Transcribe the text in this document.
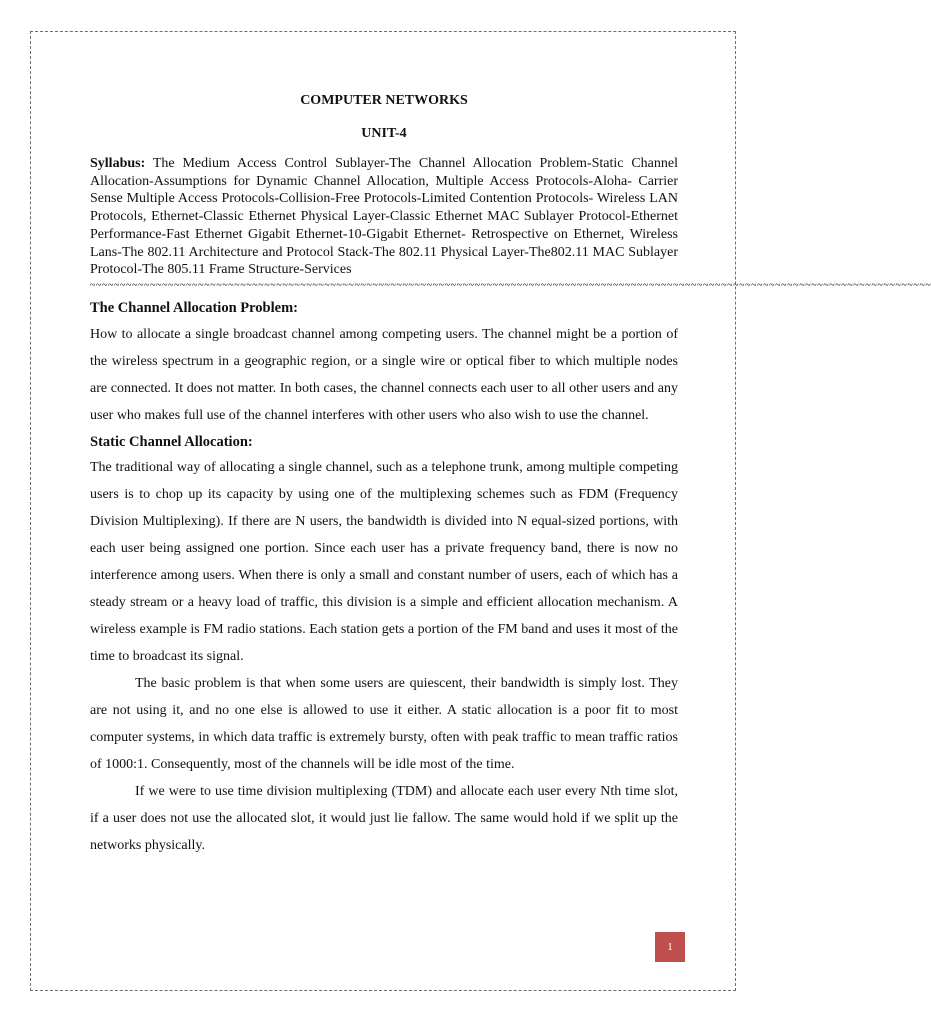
COMPUTER NETWORKS
UNIT-4
Syllabus: The Medium Access Control Sublayer-The Channel Allocation Problem-Static Channel Allocation-Assumptions for Dynamic Channel Allocation, Multiple Access Protocols-Aloha- Carrier Sense Multiple Access Protocols-Collision-Free Protocols-Limited Contention Protocols- Wireless LAN Protocols, Ethernet-Classic Ethernet Physical Layer-Classic Ethernet MAC Sublayer Protocol-Ethernet Performance-Fast Ethernet Gigabit Ethernet-10-Gigabit Ethernet- Retrospective on Ethernet, Wireless Lans-The 802.11 Architecture and Protocol Stack-The 802.11 Physical Layer-The802.11 MAC Sublayer Protocol-The 805.11 Frame Structure-Services
~~~~~~~~~~~~~~~~~~~~~~~~~~~~~~~~~~~~~~~~~~~~~~~~~~~~~~~~~~~~~~~~~~~~~~~~~~~~~~~~~~~~~~~~~~~~~~~~~~~~~~~~~~~~~~~~~~~~~~~~~~~~~~~~~~~~~~~~~~~~
The Channel Allocation Problem:

How to allocate a single broadcast channel among competing users. The channel might be a portion of the wireless spectrum in a geographic region, or a single wire or optical fiber to which multiple nodes are connected. It does not matter. In both cases, the channel connects each user to all other users and any user who makes full use of the channel interferes with other users who also wish to use the channel.

Static Channel Allocation:

The traditional way of allocating a single channel, such as a telephone trunk, among multiple competing users is to chop up its capacity by using one of the multiplexing schemes such as FDM (Frequency Division Multiplexing). If there are N users, the bandwidth is divided into N equal-sized portions, with each user being assigned one portion. Since each user has a private frequency band, there is now no interference among users. When there is only a small and constant number of users, each of which has a steady stream or a heavy load of traffic, this division is a simple and efficient allocation mechanism. A wireless example is FM radio stations. Each station gets a portion of the FM band and uses it most of the time to broadcast its signal.

The basic problem is that when some users are quiescent, their bandwidth is simply lost. They are not using it, and no one else is allowed to use it either. A static allocation is a poor fit to most computer systems, in which data traffic is extremely bursty, often with peak traffic to mean traffic ratios of 1000:1. Consequently, most of the channels will be idle most of the time.

If we were to use time division multiplexing (TDM) and allocate each user every Nth time slot, if a user does not use the allocated slot, it would just lie fallow. The same would hold if we split up the networks physically.

1
